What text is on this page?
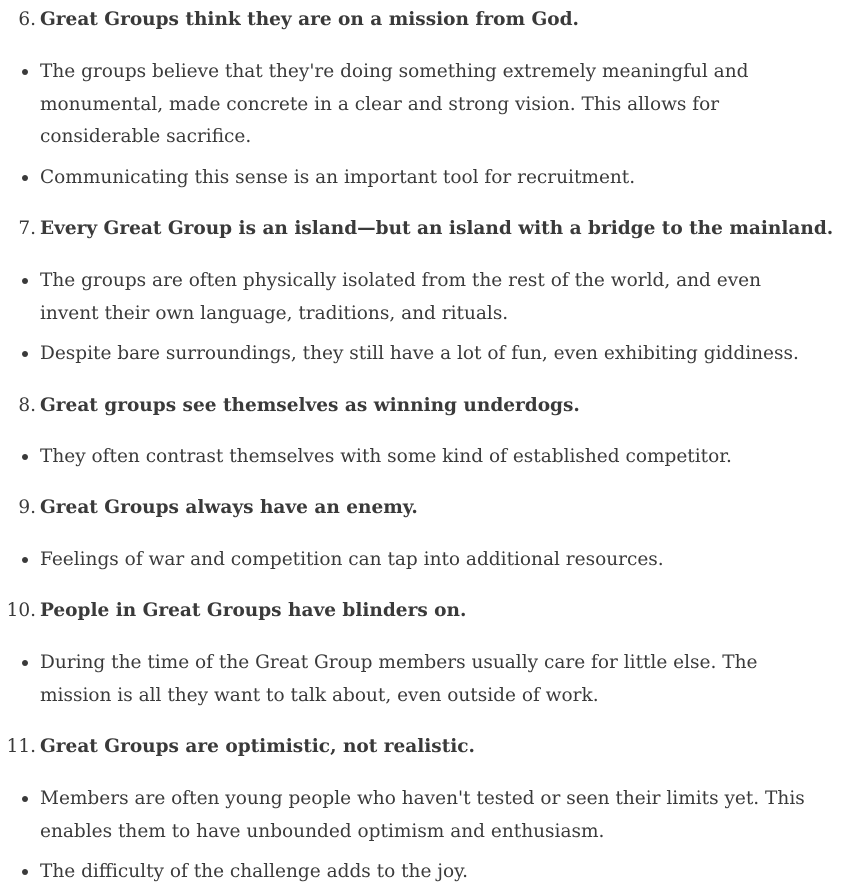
6. Great Groups think they are on a mission from God.
The groups believe that they're doing something extremely meaningful and monumental, made concrete in a clear and strong vision. This allows for considerable sacrifice.
Communicating this sense is an important tool for recruitment.
7. Every Great Group is an island—but an island with a bridge to the mainland.
The groups are often physically isolated from the rest of the world, and even invent their own language, traditions, and rituals.
Despite bare surroundings, they still have a lot of fun, even exhibiting giddiness.
8. Great groups see themselves as winning underdogs.
They often contrast themselves with some kind of established competitor.
9. Great Groups always have an enemy.
Feelings of war and competition can tap into additional resources.
10. People in Great Groups have blinders on.
During the time of the Great Group members usually care for little else. The mission is all they want to talk about, even outside of work.
11. Great Groups are optimistic, not realistic.
Members are often young people who haven't tested or seen their limits yet. This enables them to have unbounded optimism and enthusiasm.
The difficulty of the challenge adds to the joy.
